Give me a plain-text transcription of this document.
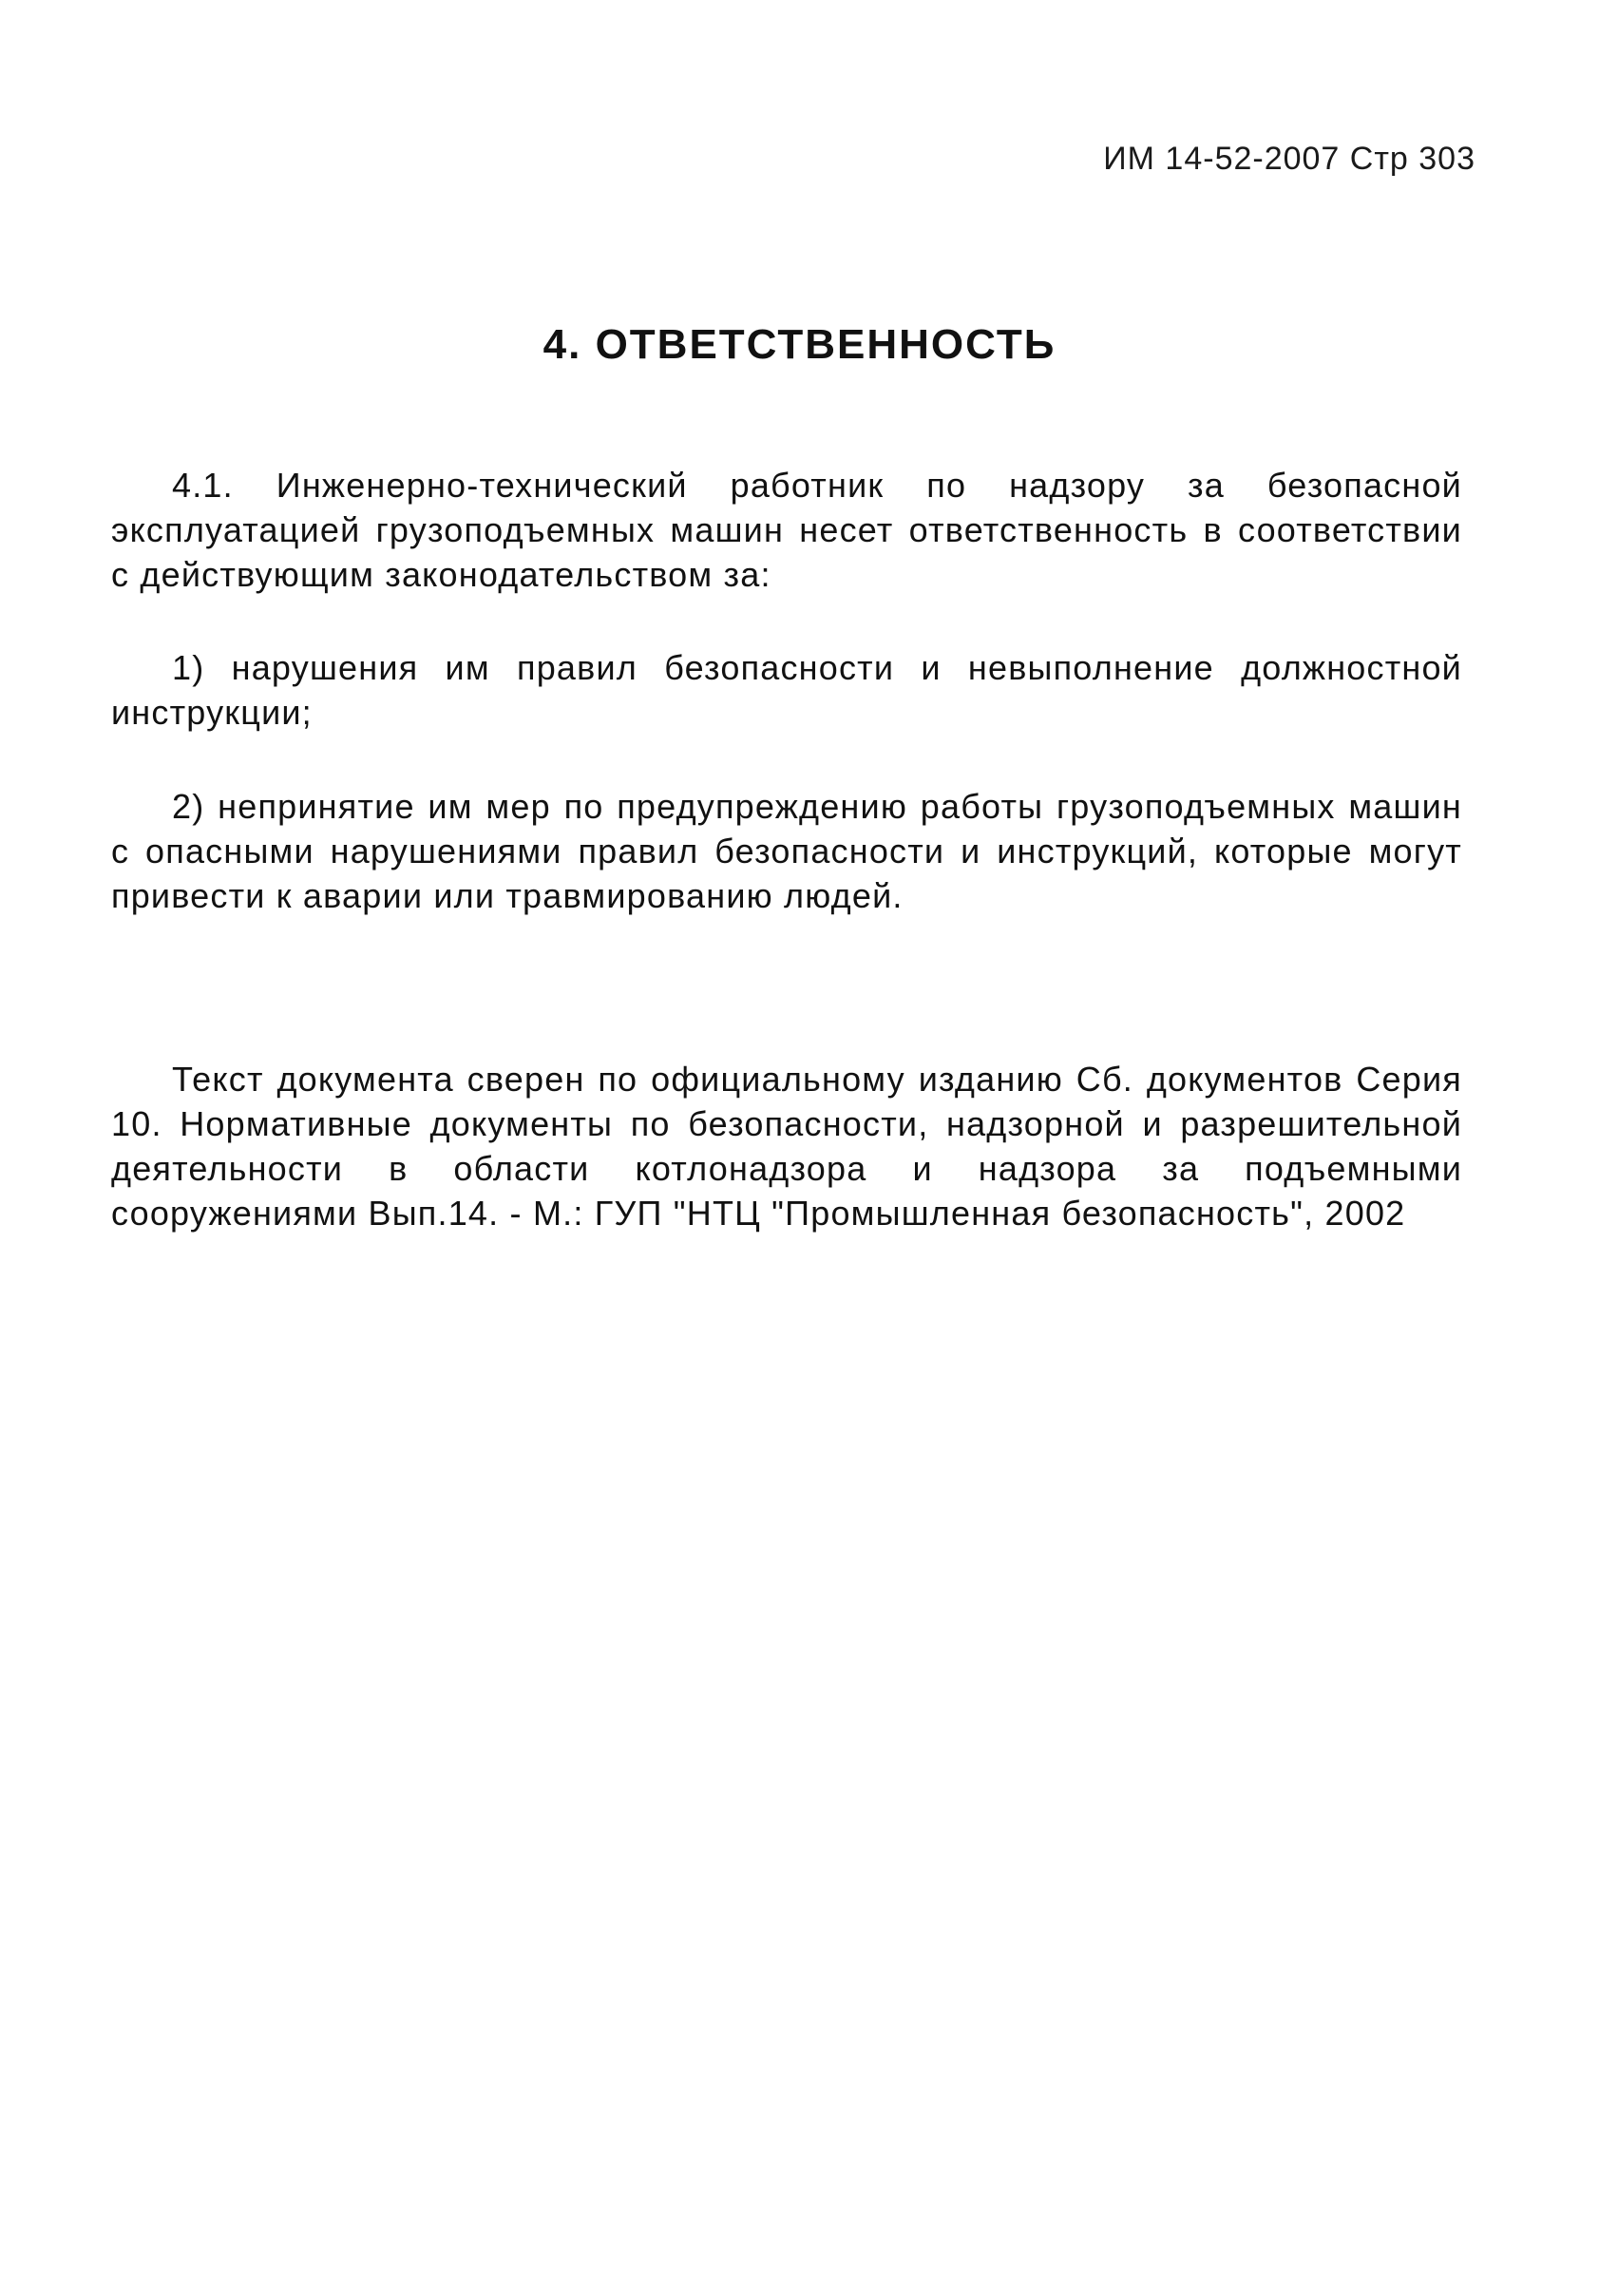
ИМ 14-52-2007 Стр 303
4. ОТВЕТСТВЕННОСТЬ

4.1. Инженерно-технический работник по надзору за безопасной эксплуатацией грузоподъемных машин несет ответственность в соответствии с действующим законодательством за:

1) нарушения им правил безопасности и невыполнение должностной инструкции;

2) непринятие им мер по предупреждению работы грузоподъемных машин с опасными нарушениями правил безопасности и инструкций, которые могут привести к аварии или травмированию людей.

Текст документа сверен по официальному изданию Сб. документов Серия 10. Нормативные документы по безопасности, надзорной и разрешительной деятельности в области котлонадзора и надзора за подъемными сооружениями Вып.14. - М.: ГУП "НТЦ "Промышленная безопасность", 2002
